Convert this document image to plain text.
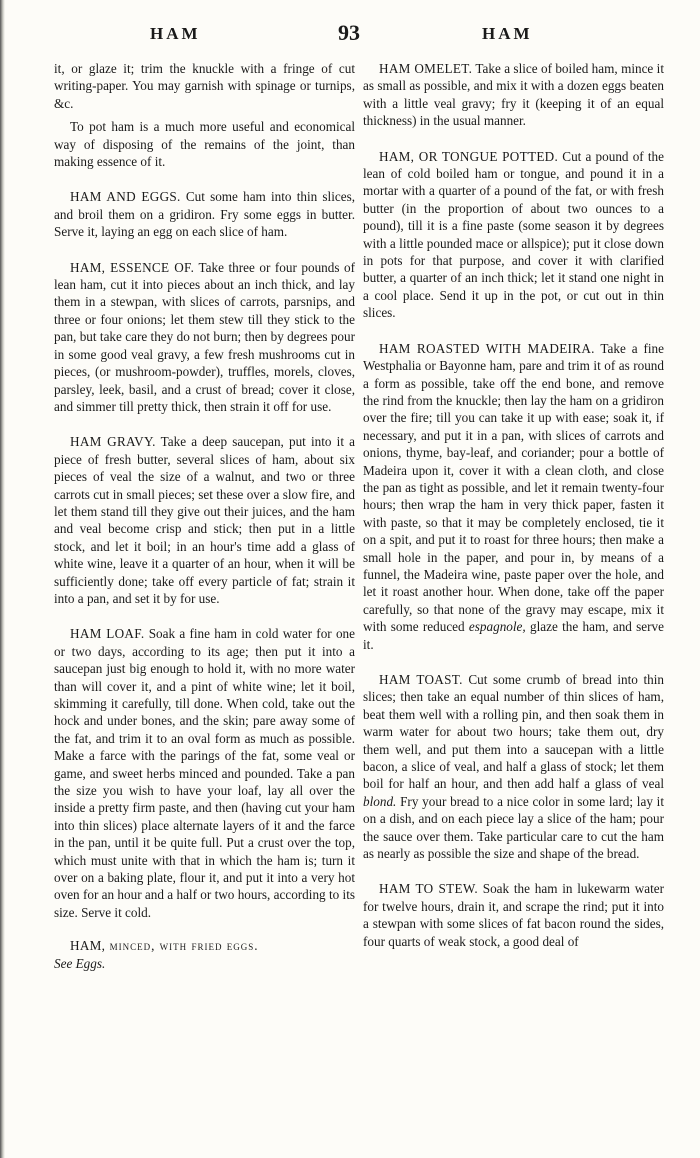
HAM	93	HAM

it, or glaze it; trim the knuckle with a fringe of cut writing-paper. You may garnish with spinage or turnips, &c.

To pot ham is a much more useful and economical way of disposing of the remains of the joint, than making essence of it.

HAM AND EGGS. Cut some ham into thin slices, and broil them on a gridiron. Fry some eggs in butter. Serve it, laying an egg on each slice of ham.

HAM, ESSENCE OF. Take three or four pounds of lean ham, cut it into pieces about an inch thick, and lay them in a stewpan, with slices of carrots, parsnips, and three or four onions; let them stew till they stick to the pan, but take care they do not burn; then by degrees pour in some good veal gravy, a few fresh mushrooms cut in pieces, (or mushroom-powder), truffles, morels, cloves, parsley, leek, basil, and a crust of bread; cover it close, and simmer till pretty thick, then strain it off for use.

HAM GRAVY. Take a deep saucepan, put into it a piece of fresh butter, several slices of ham, about six pieces of veal the size of a walnut, and two or three carrots cut in small pieces; set these over a slow fire, and let them stand till they give out their juices, and the ham and veal become crisp and stick; then put in a little stock, and let it boil; in an hour's time add a glass of white wine, leave it a quarter of an hour, when it will be sufficiently done; take off every particle of fat; strain it into a pan, and set it by for use.

HAM LOAF. Soak a fine ham in cold water for one or two days, according to its age; then put it into a saucepan just big enough to hold it, with no more water than will cover it, and a pint of white wine; let it boil, skimming it carefully, till done. When cold, take out the hock and under bones, and the skin; pare away some of the fat, and trim it to an oval form as much as possible. Make a farce with the parings of the fat, some veal or game, and sweet herbs minced and pounded. Take a pan the size you wish to have your loaf, lay all over the inside a pretty firm paste, and then (having cut your ham into thin slices) place alternate layers of it and the farce in the pan, until it be quite full. Put a crust over the top, which must unite with that in which the ham is; turn it over on a baking plate, flour it, and put it into a very hot oven for an hour and a half or two hours, according to its size. Serve it cold.

HAM, minced, with fried eggs.

See Eggs.

HAM OMELET. Take a slice of boiled ham, mince it as small as possible, and mix it with a dozen eggs beaten with a little veal gravy; fry it (keeping it of an equal thickness) in the usual manner.

HAM, OR TONGUE POTTED. Cut a pound of the lean of cold boiled ham or tongue, and pound it in a mortar with a quarter of a pound of the fat, or with fresh butter (in the proportion of about two ounces to a pound), till it is a fine paste (some season it by degrees with a little pounded mace or allspice); put it close down in pots for that purpose, and cover it with clarified butter, a quarter of an inch thick; let it stand one night in a cool place. Send it up in the pot, or cut out in thin slices.

HAM ROASTED WITH MADEIRA. Take a fine Westphalia or Bayonne ham, pare and trim it of as round a form as possible, take off the end bone, and remove the rind from the knuckle; then lay the ham on a gridiron over the fire; till you can take it up with ease; soak it, if necessary, and put it in a pan, with slices of carrots and onions, thyme, bay-leaf, and coriander; pour a bottle of Madeira upon it, cover it with a clean cloth, and close the pan as tight as possible, and let it remain twenty-four hours; then wrap the ham in very thick paper, fasten it with paste, so that it may be completely enclosed, tie it on a spit, and put it to roast for three hours; then make a small hole in the paper, and pour in, by means of a funnel, the Madeira wine, paste paper over the hole, and let it roast another hour. When done, take off the paper carefully, so that none of the gravy may escape, mix it with some reduced espagnole, glaze the ham, and serve it.

HAM TOAST. Cut some crumb of bread into thin slices; then take an equal number of thin slices of ham, beat them well with a rolling pin, and then soak them in warm water for about two hours; take them out, dry them well, and put them into a saucepan with a little bacon, a slice of veal, and half a glass of stock; let them boil for half an hour, and then add half a glass of veal blond. Fry your bread to a nice color in some lard; lay it on a dish, and on each piece lay a slice of the ham; pour the sauce over them. Take particular care to cut the ham as nearly as possible the size and shape of the bread.

HAM TO STEW. Soak the ham in lukewarm water for twelve hours, drain it, and scrape the rind; put it into a stewpan with some slices of fat bacon round the sides, four quarts of weak stock, a good deal of
